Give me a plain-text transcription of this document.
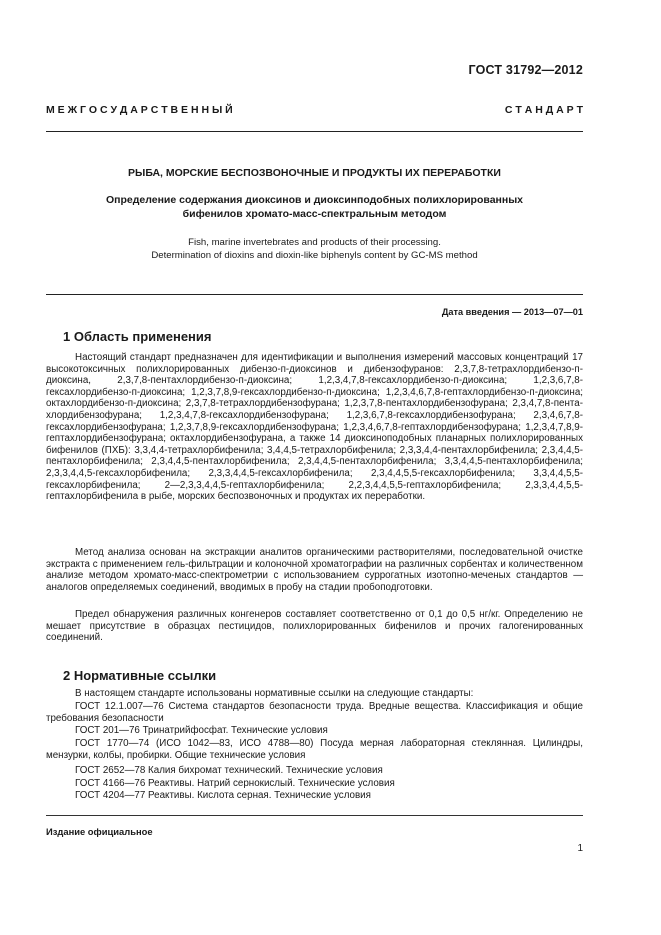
ГОСТ 31792—2012
М Е Ж Г О С У Д А Р С Т В Е Н Н Ы Й	С Т А Н Д А Р Т
РЫБА, МОРСКИЕ БЕСПОЗВОНОЧНЫЕ И ПРОДУКТЫ ИХ ПЕРЕРАБОТКИ
Определение содержания диоксинов и диоксинподобных полихлорированных бифенилов хромато-масс-спектральным методом
Fish, marine invertebrates and products of their processing.
Determination of dioxins and dioxin-like biphenyls content by GC-MS method
Дата введения — 2013—07—01
1 Область применения

Настоящий стандарт предназначен для идентификации и выполнения измерений массовых концентраций 17 высокотоксичных полихлорированных дибензо-п-диоксинов и дибензофуранов: 2,3,7,8-тетрахлордибензо-п-диоксина, 2,3,7,8-пентахлордибензо-п-диоксина; 1,2,3,4,7,8-гексахлордибензо-п-диоксина; 1,2,3,6,7,8-гексахлордибензо-п-диоксина; 1,2,3,7,8,9-гексахлордибензо-п-диоксина; 1,2,3,4,6,7,8-гептахлордибензо-п-диоксина; октахлордибензо-п-диоксина; 2,3,7,8-тетрахлордибензофурана; 1,2,3,7,8-пентахлордибензофурана; 2,3,4,7,8-пента-хлордибензофурана; 1,2,3,4,7,8-гексахлордибензофурана; 1,2,3,6,7,8-гексахлордибензофурана; 2,3,4,6,7,8-гексахлордибензофурана; 1,2,3,7,8,9-гексахлордибензофурана; 1,2,3,4,6,7,8-гептахлордибензофурана; 1,2,3,4,7,8,9-гептахлордибензофурана; октахлордибензофурана, а также 14 диоксиноподобных планарных полихлорированных бифенилов (ПХБ): 3,3,4,4-тетрахлорбифенила; 3,4,4,5-тетрахлорбифенила; 2,3,3,4,4-пентахлорбифенила; 2,3,4,4,5-пентахлорбифенила; 2,3,4,4,5-пентахлорбифенила; 2,3,4,4,5-пентахлорбифенила; 3,3,4,4,5-пентахлорбифенила; 2,3,3,4,4,5-гексахлорбифенила; 2,3,3,4,4,5-гексахлорбифенила; 2,3,4,4,5,5-гексахлорбифенила; 3,3,4,4,5,5-гексахлорбифенила; 2—2,3,3,4,4,5-гептахлорбифенила; 2,2,3,4,4,5,5-гептахлорбифенила; 2,3,3,4,4,5,5-гептахлорбифенила в рыбе, морских беспозвоночных и продуктах их переработки.

Метод анализа основан на экстракции аналитов органическими растворителями, последовательной очистке экстракта с применением гель-фильтрации и колоночной хроматографии на различных сорбентах и количественном анализе методом хромато-масс-спектрометрии с использованием суррогатных изотопно-меченых стандартов — аналогов определяемых соединений, вводимых в пробу на стадии пробоподготовки.

Предел обнаружения различных конгенеров составляет соответственно от 0,1 до 0,5 нг/кг. Определению не мешает присутствие в образцах пестицидов, полихлорированных бифенилов и прочих галогенированных соединений.

2 Нормативные ссылки

В настоящем стандарте использованы нормативные ссылки на следующие стандарты:

ГОСТ 12.1.007—76 Система стандартов безопасности труда. Вредные вещества. Классификация и общие требования безопасности

ГОСТ 201—76 Тринатрийфосфат. Технические условия

ГОСТ 1770—74 (ИСО 1042—83, ИСО 4788—80) Посуда мерная лабораторная стеклянная. Цилиндры, мензурки, колбы, пробирки. Общие технические условия

ГОСТ 2652—78 Калия бихромат технический. Технические условия

ГОСТ 4166—76 Реактивы. Натрий сернокислый. Технические условия

ГОСТ 4204—77 Реактивы. Кислота серная. Технические условия

Издание официальное
1
